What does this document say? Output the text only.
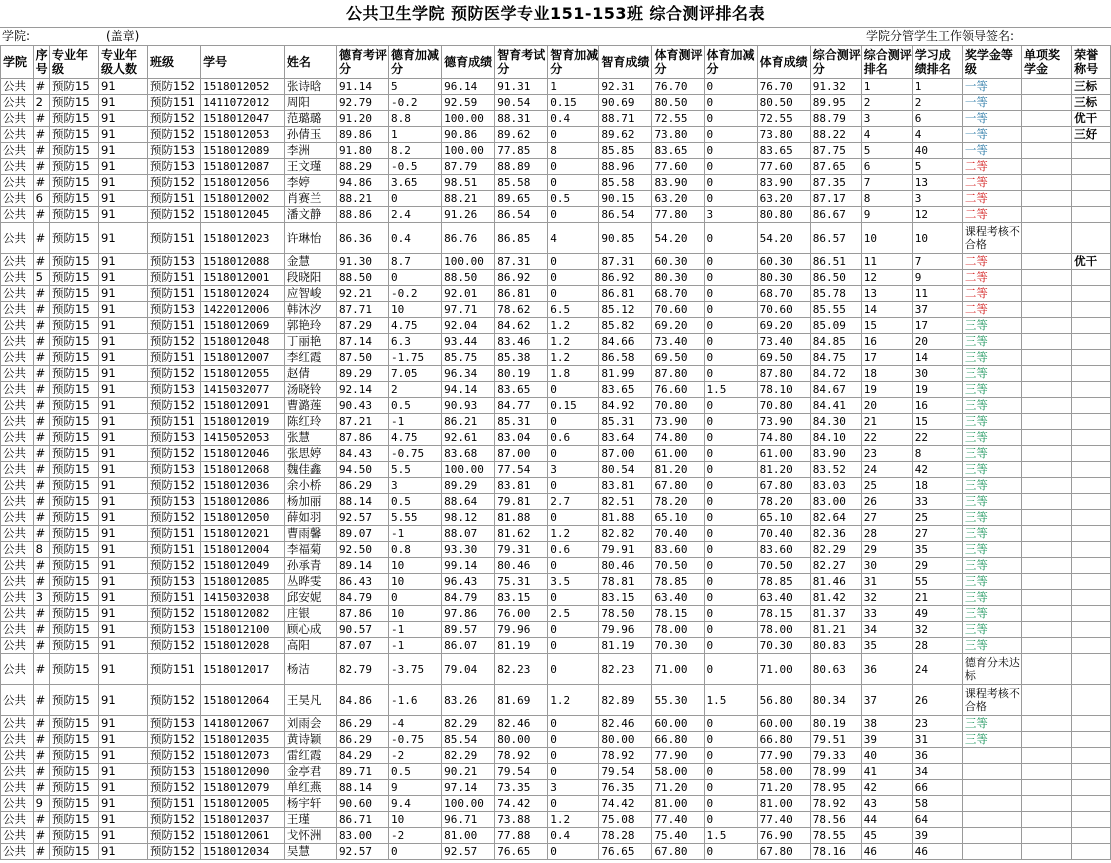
公共卫生学院 预防医学专业151-153班 综合测评排名表
学院:	(盖章)	学院分管学生工作领导签名:
学院	序号	专业年级	专业年级人数	班级	学号	姓名	德育考评分	德育加减分	德育成绩	智育考试分	智育加减分	智育成绩	体育测评分	体育加减分	体育成绩	综合测评分	综合测评排名	学习成绩排名	奖学金等级	单项奖学金	荣誉称号
公共	#	预防15	91	预防152	1518012052	张诗晗	91.14	5	96.14	91.31	1	92.31	76.70	0	76.70	91.32	1	1	一等		三标
公共	2	预防15	91	预防151	1411072012	周阳	92.79	-0.2	92.59	90.54	0.15	90.69	80.50	0	80.50	89.95	2	2	一等		三标
公共	#	预防15	91	预防152	1518012047	范璐璐	91.20	8.8	100.00	88.31	0.4	88.71	72.55	0	72.55	88.79	3	6	一等		优干
公共	#	预防15	91	预防152	1518012053	孙倩玉	89.86	1	90.86	89.62	0	89.62	73.80	0	73.80	88.22	4	4	一等		三好
公共	#	预防15	91	预防153	1518012089	李洲	91.80	8.2	100.00	77.85	8	85.85	83.65	0	83.65	87.75	5	40	一等		
公共	#	预防15	91	预防153	1518012087	王文瑾	88.29	-0.5	87.79	88.89	0	88.96	77.60	0	77.60	87.65	6	5	二等		
公共	#	预防15	91	预防152	1518012056	李婷	94.86	3.65	98.51	85.58	0	85.58	83.90	0	83.90	87.35	7	13	二等		
公共	6	预防15	91	预防151	1518012002	肖赛兰	88.21	0	88.21	89.65	0.5	90.15	63.20	0	63.20	87.17	8	3	二等		
公共	#	预防15	91	预防152	1518012045	潘文静	88.86	2.4	91.26	86.54	0	86.54	77.80	3	80.80	86.67	9	12	二等		
公共	#	预防15	91	预防151	1518012023	许琳怡	86.36	0.4	86.76	86.85	4	90.85	54.20	0	54.20	86.57	10	10	课程考核不合格		
公共	#	预防15	91	预防153	1518012088	金慧	91.30	8.7	100.00	87.31	0	87.31	60.30	0	60.30	86.51	11	7	二等		优干
公共	5	预防15	91	预防151	1518012001	段晓阳	88.50	0	88.50	86.92	0	86.92	80.30	0	80.30	86.50	12	9	二等		
公共	#	预防15	91	预防151	1518012024	应智峻	92.21	-0.2	92.01	86.81	0	86.81	68.70	0	68.70	85.78	13	11	二等		
公共	#	预防15	91	预防153	1422012006	韩沐汐	87.71	10	97.71	78.62	6.5	85.12	70.60	0	70.60	85.55	14	37	二等		
公共	#	预防15	91	预防151	1518012069	郭艳玲	87.29	4.75	92.04	84.62	1.2	85.82	69.20	0	69.20	85.09	15	17	三等		
公共	#	预防15	91	预防152	1518012048	丁丽艳	87.14	6.3	93.44	83.46	1.2	84.66	73.40	0	73.40	84.85	16	20	三等		
公共	#	预防15	91	预防151	1518012007	李红霞	87.50	-1.75	85.75	85.38	1.2	86.58	69.50	0	69.50	84.75	17	14	三等		
公共	#	预防15	91	预防152	1518012055	赵倩	89.29	7.05	96.34	80.19	1.8	81.99	87.80	0	87.80	84.72	18	30	三等		
公共	#	预防15	91	预防153	1415032077	汤晓铃	92.14	2	94.14	83.65	0	83.65	76.60	1.5	78.10	84.67	19	19	三等		
公共	#	预防15	91	预防152	1518012091	曹潞莲	90.43	0.5	90.93	84.77	0.15	84.92	70.80	0	70.80	84.41	20	16	三等		
公共	#	预防15	91	预防151	1518012019	陈红玲	87.21	-1	86.21	85.31	0	85.31	73.90	0	73.90	84.30	21	15	三等		
公共	#	预防15	91	预防153	1415052053	张慧	87.86	4.75	92.61	83.04	0.6	83.64	74.80	0	74.80	84.10	22	22	三等		
公共	#	预防15	91	预防152	1518012046	张思婷	84.43	-0.75	83.68	87.00	0	87.00	61.00	0	61.00	83.90	23	8	三等		
公共	#	预防15	91	预防153	1518012068	魏佳鑫	94.50	5.5	100.00	77.54	3	80.54	81.20	0	81.20	83.52	24	42	三等		
公共	#	预防15	91	预防152	1518012036	余小桥	86.29	3	89.29	83.81	0	83.81	67.80	0	67.80	83.03	25	18	三等		
公共	#	预防15	91	预防153	1518012086	杨加丽	88.14	0.5	88.64	79.81	2.7	82.51	78.20	0	78.20	83.00	26	33	三等		
公共	#	预防15	91	预防152	1518012050	薛如羽	92.57	5.55	98.12	81.88	0	81.88	65.10	0	65.10	82.64	27	25	三等		
公共	#	预防15	91	预防151	1518012021	曹雨馨	89.07	-1	88.07	81.62	1.2	82.82	70.40	0	70.40	82.36	28	27	三等		
公共	8	预防15	91	预防151	1518012004	李福菊	92.50	0.8	93.30	79.31	0.6	79.91	83.60	0	83.60	82.29	29	35	三等		
公共	#	预防15	91	预防152	1518012049	孙承青	89.14	10	99.14	80.46	0	80.46	70.50	0	70.50	82.27	30	29	三等		
公共	#	预防15	91	预防153	1518012085	丛晔雯	86.43	10	96.43	75.31	3.5	78.81	78.85	0	78.85	81.46	31	55	三等		
公共	3	预防15	91	预防151	1415032038	邱安妮	84.79	0	84.79	83.15	0	83.15	63.40	0	63.40	81.42	32	21	三等		
公共	#	预防15	91	预防152	1518012082	庄银	87.86	10	97.86	76.00	2.5	78.50	78.15	0	78.15	81.37	33	49	三等		
公共	#	预防15	91	预防153	1518012100	顾心成	90.57	-1	89.57	79.96	0	79.96	78.00	0	78.00	81.21	34	32	三等		
公共	#	预防15	91	预防152	1518012028	高阳	87.07	-1	86.07	81.19	0	81.19	70.30	0	70.30	80.83	35	28	三等		
公共	#	预防15	91	预防151	1518012017	杨洁	82.79	-3.75	79.04	82.23	0	82.23	71.00	0	71.00	80.63	36	24	德育分未达标		
公共	#	预防15	91	预防152	1518012064	王昊凡	84.86	-1.6	83.26	81.69	1.2	82.89	55.30	1.5	56.80	80.34	37	26	课程考核不合格		
公共	#	预防15	91	预防153	1418012067	刘雨会	86.29	-4	82.29	82.46	0	82.46	60.00	0	60.00	80.19	38	23	三等		
公共	#	预防15	91	预防152	1518012035	黄诗颖	86.29	-0.75	85.54	80.00	0	80.00	66.80	0	66.80	79.51	39	31	三等		
公共	#	预防15	91	预防152	1518012073	雷红霞	84.29	-2	82.29	78.92	0	78.92	77.90	0	77.90	79.33	40	36			
公共	#	预防15	91	预防153	1518012090	金亭君	89.71	0.5	90.21	79.54	0	79.54	58.00	0	58.00	78.99	41	34			
公共	#	预防15	91	预防152	1518012079	单红燕	88.14	9	97.14	73.35	3	76.35	71.20	0	71.20	78.95	42	66			
公共	9	预防15	91	预防151	1518012005	杨宇轩	90.60	9.4	100.00	74.42	0	74.42	81.00	0	81.00	78.92	43	58			
公共	#	预防15	91	预防152	1518012037	王瑾	86.71	10	96.71	73.88	1.2	75.08	77.40	0	77.40	78.56	44	64			
公共	#	预防15	91	预防152	1518012061	戈怀洲	83.00	-2	81.00	77.88	0.4	78.28	75.40	1.5	76.90	78.55	45	39			
公共	#	预防15	91	预防152	1518012034	吴慧	92.57	0	92.57	76.65	0	76.65	67.80	0	67.80	78.16	46	46			
